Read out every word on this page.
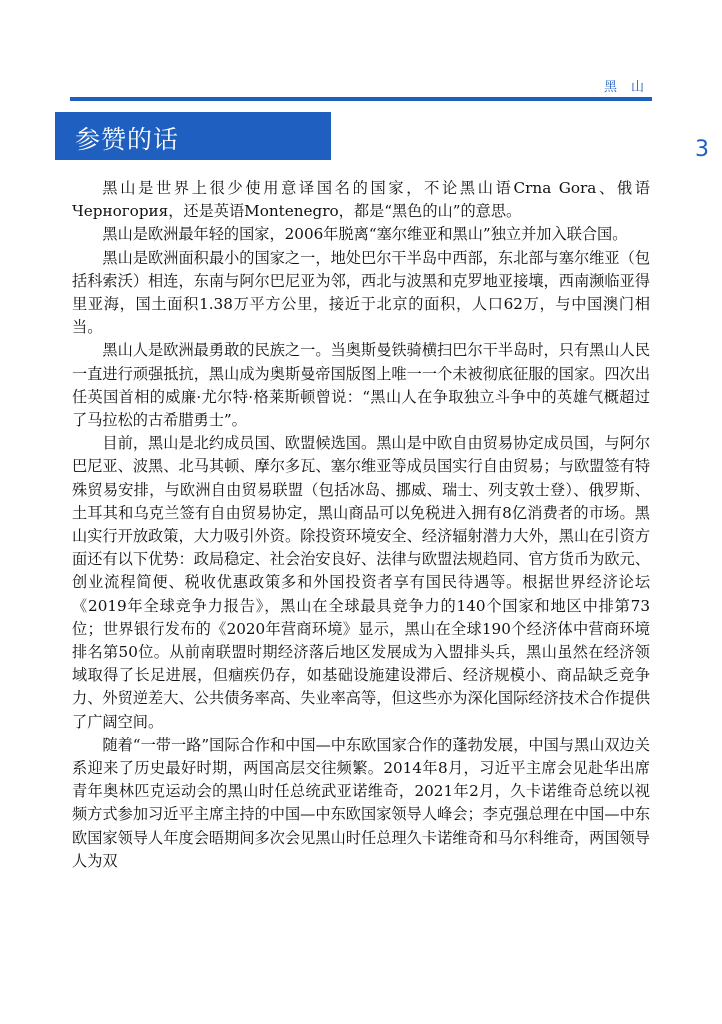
黑山
参赞的话	3

黑山是世界上很少使用意译国名的国家，不论黑山语Crna Gora、俄语Черногория，还是英语Montenegro，都是“黑色的山”的意思。

黑山是欧洲最年轻的国家，2006年脱离“塞尔维亚和黑山”独立并加入联合国。

黑山是欧洲面积最小的国家之一，地处巴尔干半岛中西部，东北部与塞尔维亚（包括科索沃）相连，东南与阿尔巴尼亚为邻，西北与波黑和克罗地亚接壤，西南濒临亚得里亚海，国土面积1.38万平方公里，接近于北京的面积，人口62万，与中国澳门相当。

黑山人是欧洲最勇敢的民族之一。当奥斯曼铁骑横扫巴尔干半岛时，只有黑山人民一直进行顽强抵抗，黑山成为奥斯曼帝国版图上唯一一个未被彻底征服的国家。四次出任英国首相的威廉·尤尔特·格莱斯顿曾说：“黑山人在争取独立斗争中的英雄气概超过了马拉松的古希腊勇士”。

目前，黑山是北约成员国、欧盟候选国。黑山是中欧自由贸易协定成员国，与阿尔巴尼亚、波黑、北马其顿、摩尔多瓦、塞尔维亚等成员国实行自由贸易；与欧盟签有特殊贸易安排，与欧洲自由贸易联盟（包括冰岛、挪威、瑞士、列支敦士登）、俄罗斯、土耳其和乌克兰签有自由贸易协定，黑山商品可以免税进入拥有8亿消费者的市场。黑山实行开放政策，大力吸引外资。除投资环境安全、经济辐射潜力大外，黑山在引资方面还有以下优势：政局稳定、社会治安良好、法律与欧盟法规趋同、官方货币为欧元、创业流程简便、税收优惠政策多和外国投资者享有国民待遇等。根据世界经济论坛《2019年全球竞争力报告》，黑山在全球最具竞争力的140个国家和地区中排第73位；世界银行发布的《2020年营商环境》显示，黑山在全球190个经济体中营商环境排名第50位。从前南联盟时期经济落后地区发展成为入盟排头兵，黑山虽然在经济领域取得了长足进展，但痼疾仍存，如基础设施建设滞后、经济规模小、商品缺乏竞争力、外贸逆差大、公共债务率高、失业率高等，但这些亦为深化国际经济技术合作提供了广阔空间。

随着“一带一路”国际合作和中国—中东欧国家合作的蓬勃发展，中国与黑山双边关系迎来了历史最好时期，两国高层交往频繁。2014年8月，习近平主席会见赴华出席青年奥林匹克运动会的黑山时任总统武亚诺维奇，2021年2月，久卡诺维奇总统以视频方式参加习近平主席主持的中国—中东欧国家领导人峰会；李克强总理在中国—中东欧国家领导人年度会晤期间多次会见黑山时任总理久卡诺维奇和马尔科维奇，两国领导人为双
